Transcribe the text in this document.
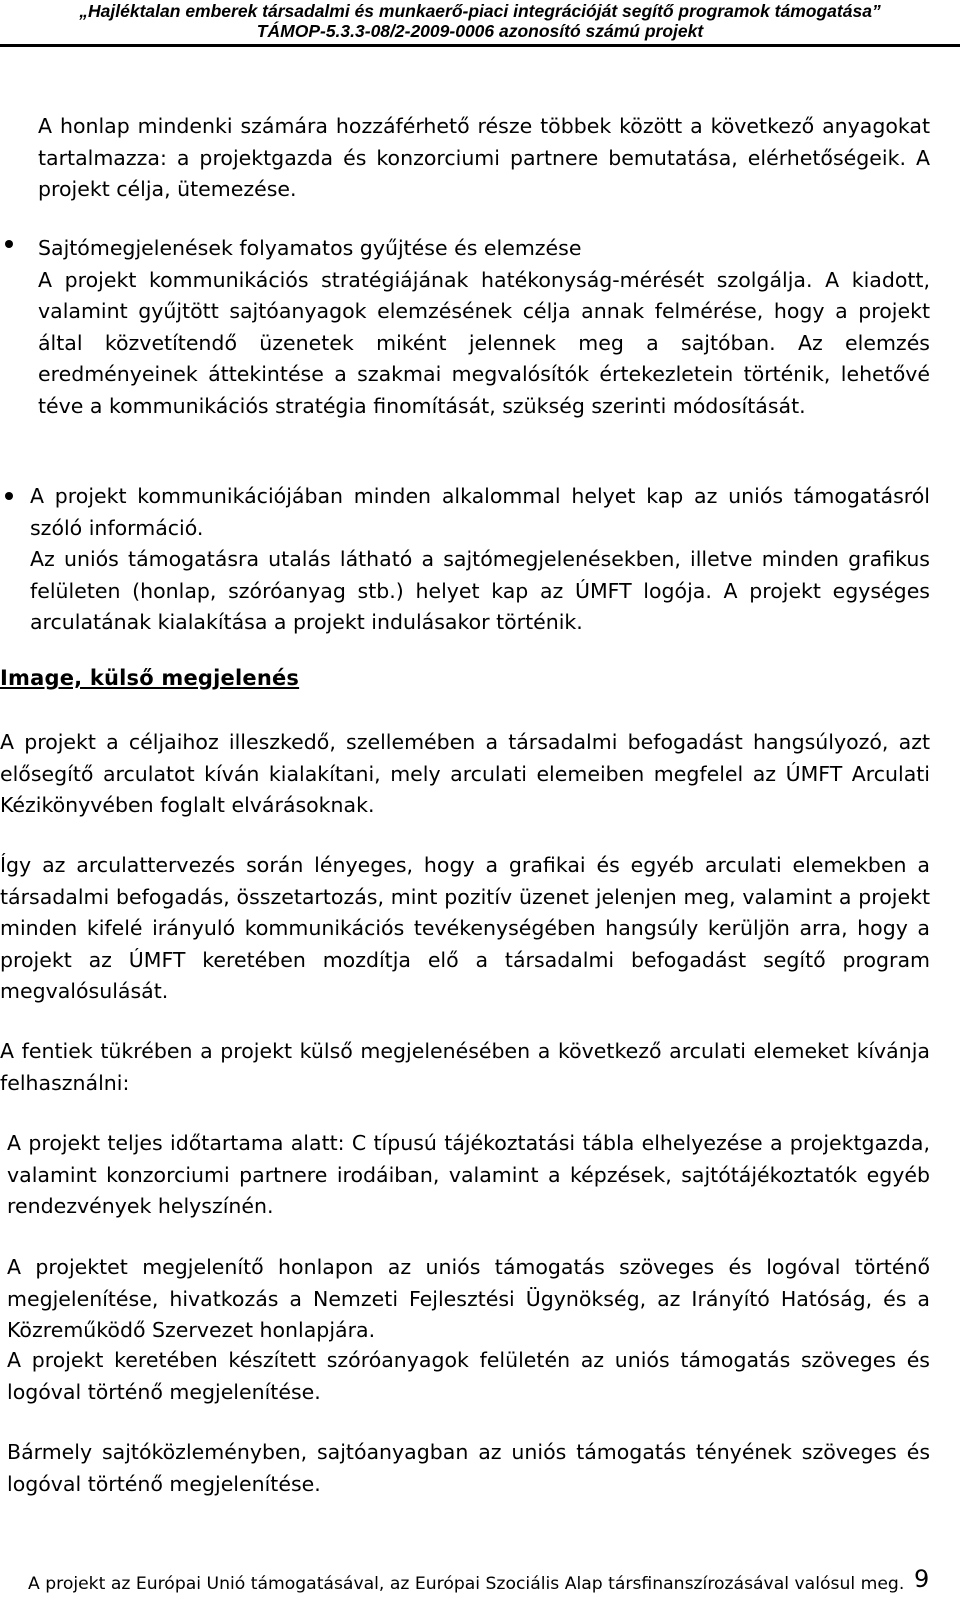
„Hajléktalan emberek társadalmi és munkaerő-piaci integrációját segítő programok támogatása”
TÁMOP-5.3.3-08/2-2009-0006 azonosító számú projekt
A honlap mindenki számára hozzáférhető része többek között a következő anyagokat tartalmazza: a projektgazda és konzorciumi partnere bemutatása, elérhetőségeik. A projekt célja, ütemezése.
Sajtómegjelenések folyamatos gyűjtése és elemzése
A projekt kommunikációs stratégiájának hatékonyság-mérését szolgálja. A kiadott, valamint gyűjtött sajtóanyagok elemzésének célja annak felmérése, hogy a projekt által közvetítendő üzenetek miként jelennek meg a sajtóban. Az elemzés eredményeinek áttekintése a szakmai megvalósítók értekezletein történik, lehetővé téve a kommunikációs stratégia finomítását, szükség szerinti módosítását.
A projekt kommunikációjában minden alkalommal helyet kap az uniós támogatásról szóló információ.
Az uniós támogatásra utalás látható a sajtómegjelenésekben, illetve minden grafikus felületen (honlap, szóróanyag stb.) helyet kap az ÚMFT logója. A projekt egységes arculatának kialakítása a projekt indulásakor történik.
Image, külső megjelenés
A projekt a céljaihoz illeszkedő, szellemében a társadalmi befogadást hangsúlyozó, azt elősegítő arculatot kíván kialakítani, mely arculati elemeiben megfelel az ÚMFT Arculati Kézikönyvében foglalt elvárásoknak.
Így az arculattervezés során lényeges, hogy a grafikai és egyéb arculati elemekben a társadalmi befogadás, összetartozás, mint pozitív üzenet jelenjen meg, valamint a projekt minden kifelé irányuló kommunikációs tevékenységében hangsúly kerüljön arra, hogy a projekt az ÚMFT keretében mozdítja elő a társadalmi befogadást segítő program megvalósulását.
A fentiek tükrében a projekt külső megjelenésében a következő arculati elemeket kívánja felhasználni:
A projekt teljes időtartama alatt: C típusú tájékoztatási tábla elhelyezése a projektgazda, valamint konzorciumi partnere irodáiban, valamint a képzések, sajtótájékoztatók egyéb rendezvények helyszínén.
A projektet megjelenítő honlapon az uniós támogatás szöveges és logóval történő megjelenítése, hivatkozás a Nemzeti Fejlesztési Ügynökség, az Irányító Hatóság, és a Közreműködő Szervezet honlapjára.
A projekt keretében készített szóróanyagok felületén az uniós támogatás szöveges és logóval történő megjelenítése.
Bármely sajtóközleményben, sajtóanyagban az uniós támogatás tényének szöveges és logóval történő megjelenítése.
A projekt az Európai Unió támogatásával, az Európai Szociális Alap társfinanszírozásával valósul meg. 9
